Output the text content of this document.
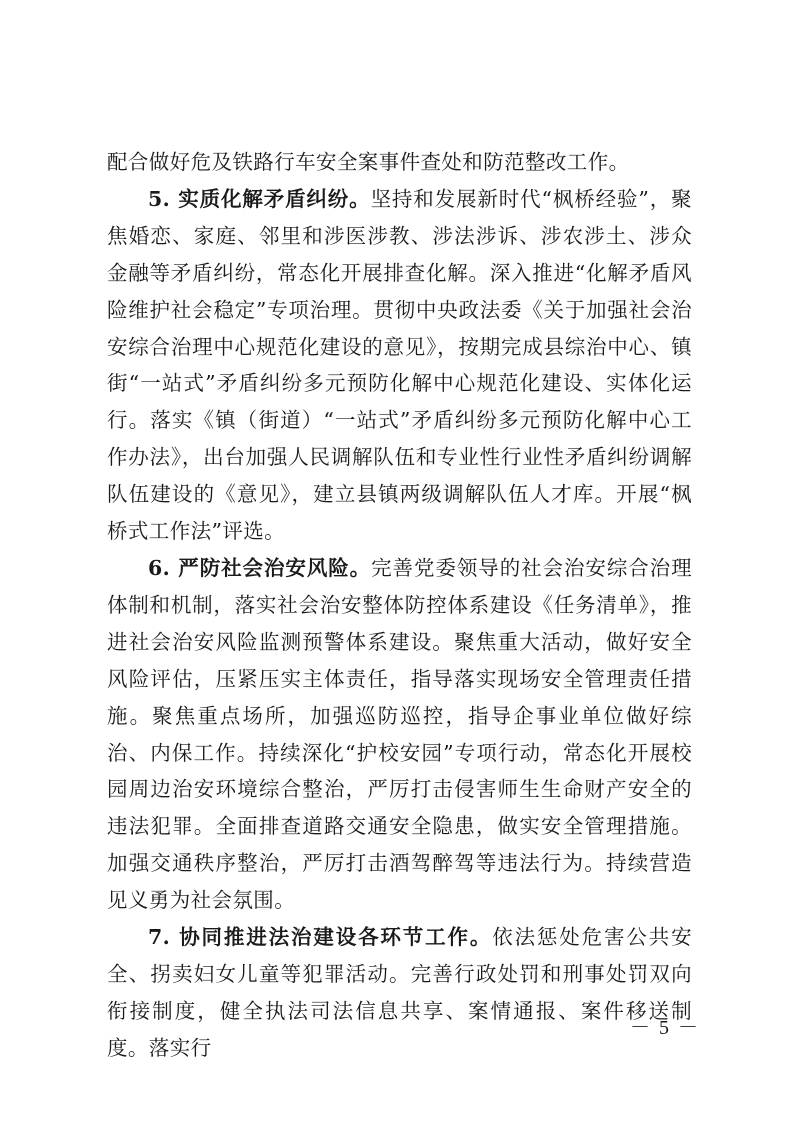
配合做好危及铁路行车安全案事件查处和防范整改工作。

5. 实质化解矛盾纠纷。坚持和发展新时代“枫桥经验”，聚焦婚恋、家庭、邻里和涉医涉教、涉法涉诉、涉农涉土、涉众金融等矛盾纠纷，常态化开展排查化解。深入推进“化解矛盾风险维护社会稳定”专项治理。贯彻中央政法委《关于加强社会治安综合治理中心规范化建设的意见》，按期完成县综治中心、镇街“一站式”矛盾纠纷多元预防化解中心规范化建设、实体化运行。落实《镇（街道）“一站式”矛盾纠纷多元预防化解中心工作办法》，出台加强人民调解队伍和专业性行业性矛盾纠纷调解队伍建设的《意见》，建立县镇两级调解队伍人才库。开展“枫桥式工作法”评选。

6. 严防社会治安风险。完善党委领导的社会治安综合治理体制和机制，落实社会治安整体防控体系建设《任务清单》，推进社会治安风险监测预警体系建设。聚焦重大活动，做好安全风险评估，压紧压实主体责任，指导落实现场安全管理责任措施。聚焦重点场所，加强巡防巡控，指导企事业单位做好综治、内保工作。持续深化“护校安园”专项行动，常态化开展校园周边治安环境综合整治，严厉打击侵害师生生命财产安全的违法犯罪。全面排查道路交通安全隐患，做实安全管理措施。加强交通秩序整治，严厉打击酒驾醉驾等违法行为。持续营造见义勇为社会氛围。

7. 协同推进法治建设各环节工作。依法惩处危害公共安全、拐卖妇女儿童等犯罪活动。完善行政处罚和刑事处罚双向衔接制度，健全执法司法信息共享、案情通报、案件移送制度。落实行

－ 5 －
